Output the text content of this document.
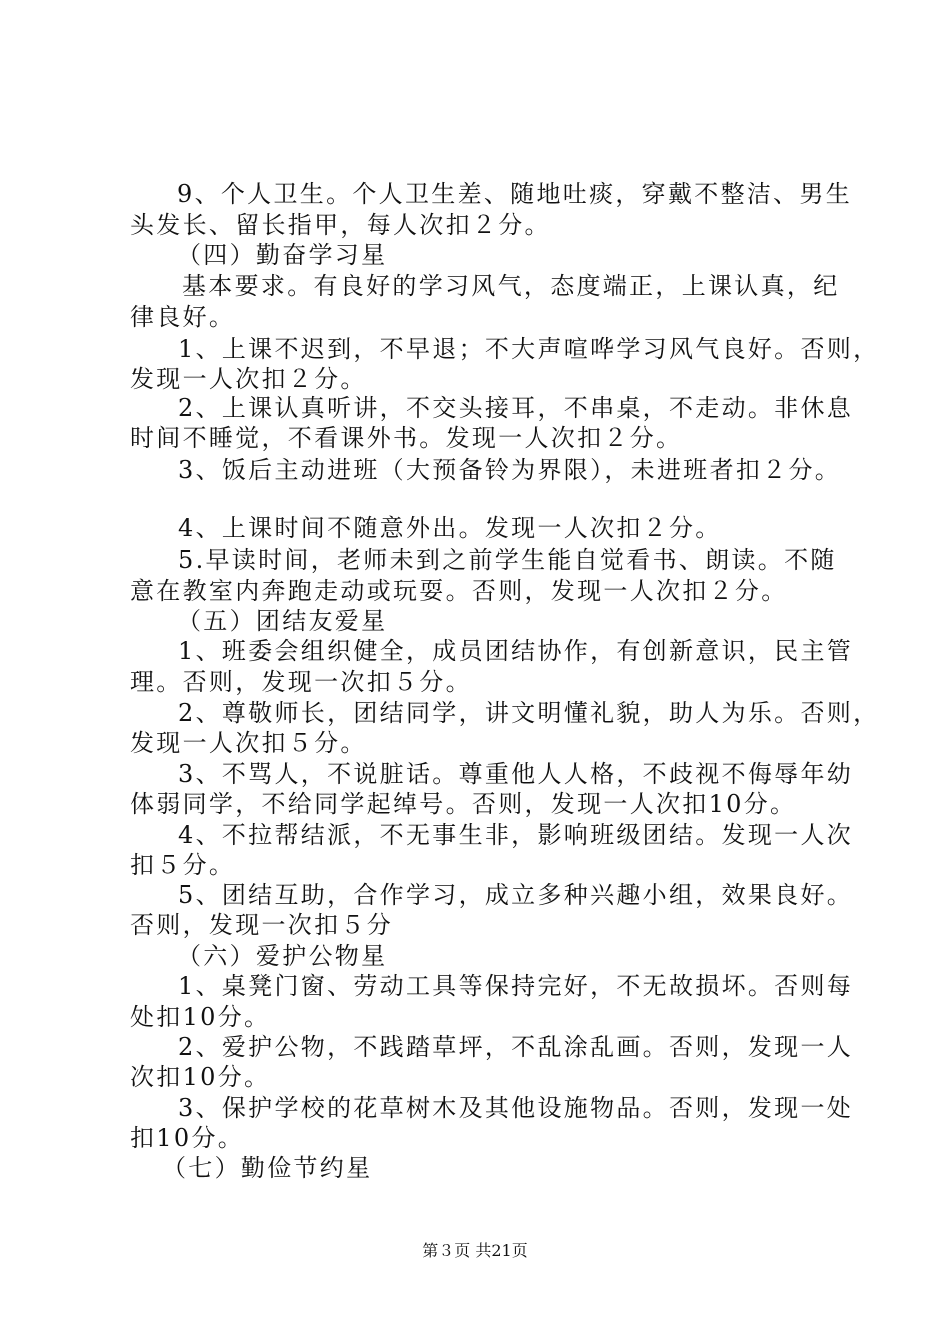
9、个人卫生。个人卫生差、随地吐痰，穿戴不整洁、男生
头发长、留长指甲，每人次扣２分。
（四）勤奋学习星
基本要求。有良好的学习风气，态度端正，上课认真，纪
律良好。
1、上课不迟到，不早退；不大声喧哗学习风气良好。否则，
发现一人次扣２分。
2、上课认真听讲，不交头接耳，不串桌，不走动。非休息
时间不睡觉，不看课外书。发现一人次扣２分。
3、饭后主动进班（大预备铃为界限），未进班者扣２分。
4、上课时间不随意外出。发现一人次扣２分。
5.早读时间，老师未到之前学生能自觉看书、朗读。不随
意在教室内奔跑走动或玩耍。否则，发现一人次扣２分。
（五）团结友爱星
1、班委会组织健全，成员团结协作，有创新意识，民主管
理。否则，发现一次扣５分。
2、尊敬师长，团结同学，讲文明懂礼貌，助人为乐。否则，
发现一人次扣５分。
3、不骂人，不说脏话。尊重他人人格，不歧视不侮辱年幼
体弱同学，不给同学起绰号。否则，发现一人次扣10分。
4、不拉帮结派，不无事生非，影响班级团结。发现一人次
扣５分。
5、团结互助，合作学习，成立多种兴趣小组，效果良好。
否则，发现一次扣５分
（六）爱护公物星
1、桌凳门窗、劳动工具等保持完好，不无故损坏。否则每
处扣10分。
2、爱护公物，不践踏草坪，不乱涂乱画。否则，发现一人
次扣10分。
3、保护学校的花草树木及其他设施物品。否则，发现一处
扣10分。
（七）勤俭节约星
第３页 共21页
